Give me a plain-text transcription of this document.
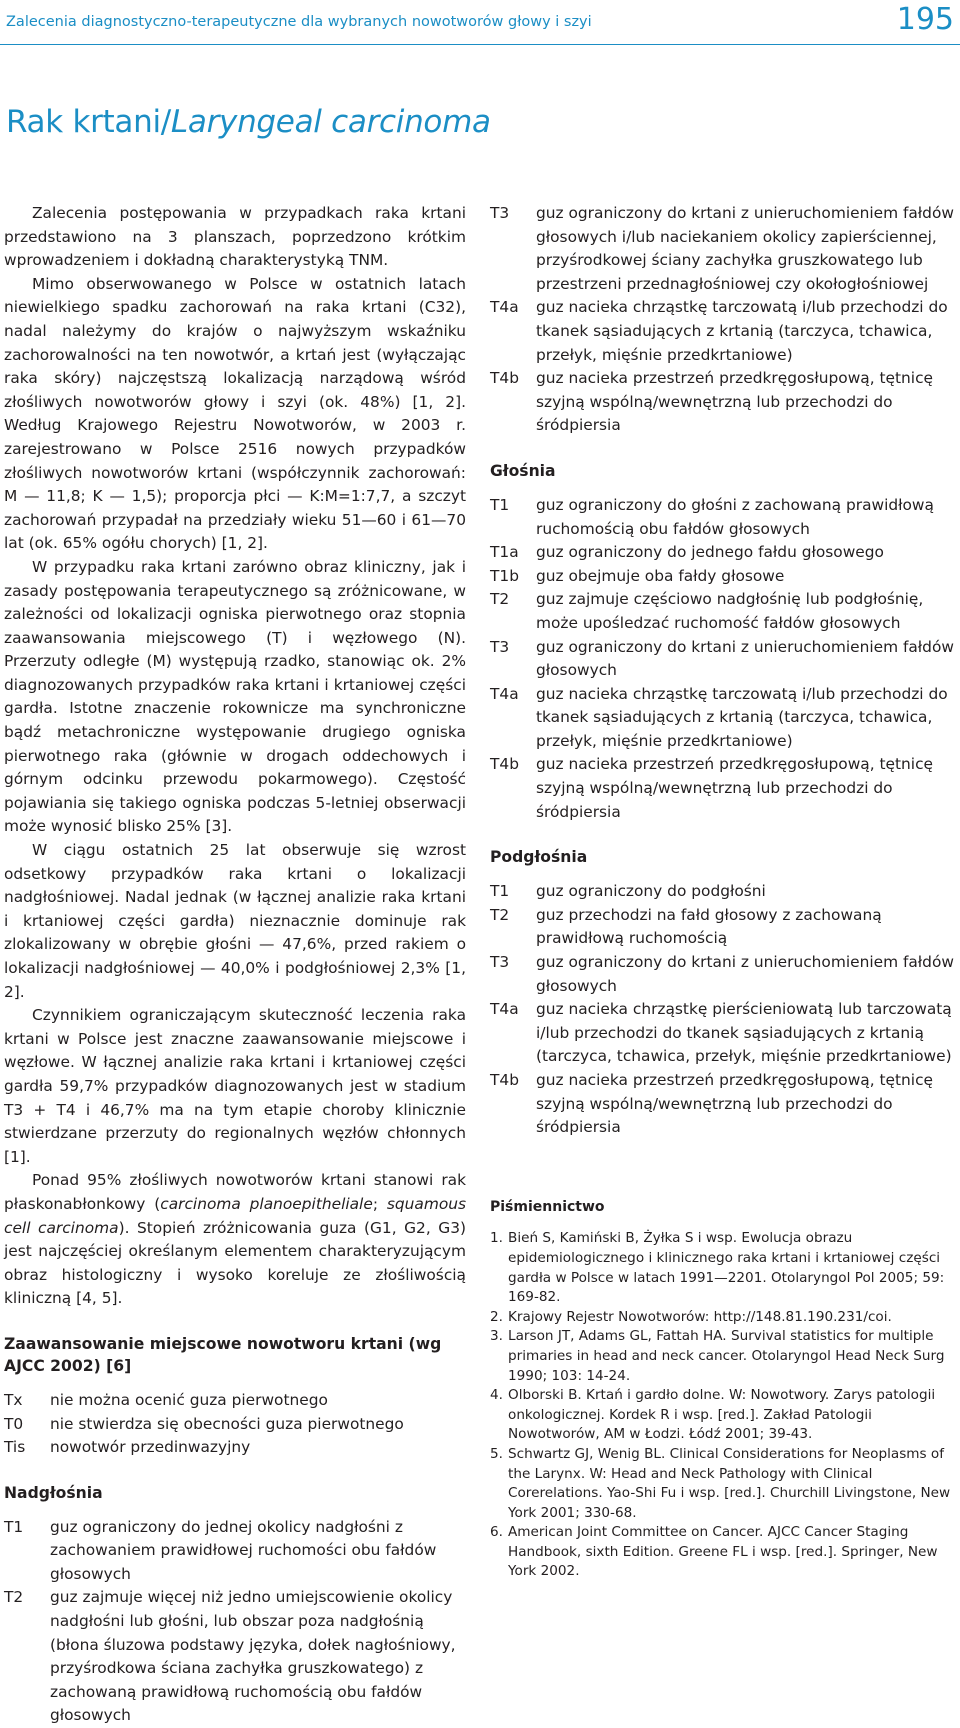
Zalecenia diagnostyczno-terapeutyczne dla wybranych nowotworów głowy i szyi	195
Rak krtani/Laryngeal carcinoma

Zalecenia postępowania w przypadkach raka krtani przedstawiono na 3 planszach, poprzedzono krótkim wprowadzeniem i dokładną charakterystyką TNM.

Mimo obserwowanego w Polsce w ostatnich latach niewielkiego spadku zachorowań na raka krtani (C32), nadal należymy do krajów o najwyższym wskaźniku zachorowalności na ten nowotwór, a krtań jest (wyłączając raka skóry) najczęstszą lokalizacją narządową wśród złośliwych nowotworów głowy i szyi (ok. 48%) [1, 2]. Według Krajowego Rejestru Nowotworów, w 2003 r. zarejestrowano w Polsce 2516 nowych przypadków złośliwych nowotworów krtani (współczynnik zachorowań: M — 11,8; K — 1,5); proporcja płci — K:M=1:7,7, a szczyt zachorowań przypadał na przedziały wieku 51—60 i 61—70 lat (ok. 65% ogółu chorych) [1, 2].

W przypadku raka krtani zarówno obraz kliniczny, jak i zasady postępowania terapeutycznego są zróżnicowane, w zależności od lokalizacji ogniska pierwotnego oraz stopnia zaawansowania miejscowego (T) i węzłowego (N). Przerzuty odległe (M) występują rzadko, stanowiąc ok. 2% diagnozowanych przypadków raka krtani i krtaniowej części gardła. Istotne znaczenie rokownicze ma synchroniczne bądź metachroniczne występowanie drugiego ogniska pierwotnego raka (głównie w drogach oddechowych i górnym odcinku przewodu pokarmowego). Częstość pojawiania się takiego ogniska podczas 5-letniej obserwacji może wynosić blisko 25% [3].

W ciągu ostatnich 25 lat obserwuje się wzrost odsetkowy przypadków raka krtani o lokalizacji nadgłośniowej. Nadal jednak (w łącznej analizie raka krtani i krtaniowej części gardła) nieznacznie dominuje rak zlokalizowany w obrębie głośni — 47,6%, przed rakiem o lokalizacji nadgłośniowej — 40,0% i podgłośniowej 2,3% [1, 2].

Czynnikiem ograniczającym skuteczność leczenia raka krtani w Polsce jest znaczne zaawansowanie miejscowe i węzłowe. W łącznej analizie raka krtani i krtaniowej części gardła 59,7% przypadków diagnozowanych jest w stadium T3 + T4 i 46,7% ma na tym etapie choroby klinicznie stwierdzane przerzuty do regionalnych węzłów chłonnych [1].

Ponad 95% złośliwych nowotworów krtani stanowi rak płaskonabłonkowy (carcinoma planoepitheliale; squamous cell carcinoma). Stopień zróżnicowania guza (G1, G2, G3) jest najczęściej określanym elementem charakteryzującym obraz histologiczny i wysoko koreluje ze złośliwością kliniczną [4, 5].

Zaawansowanie miejscowe nowotworu krtani (wg AJCC 2002) [6]
Tx	nie można ocenić guza pierwotnego
T0	nie stwierdza się obecności guza pierwotnego
Tis	nowotwór przedinwazyjny
Nadgłośnia
T1	guz ograniczony do jednej okolicy nadgłośni z zachowaniem prawidłowej ruchomości obu fałdów głosowych
T2	guz zajmuje więcej niż jedno umiejscowienie okolicy nadgłośni lub głośni, lub obszar poza nadgłośnią (błona śluzowa podstawy języka, dołek nagłośniowy, przyśrodkowa ściana zachyłka gruszkowatego) z zachowaną prawidłową ruchomością obu fałdów głosowych
T3	guz ograniczony do krtani z unieruchomieniem fałdów głosowych i/lub naciekaniem okolicy zapierściennej, przyśrodkowej ściany zachyłka gruszkowatego lub przestrzeni przednagłośniowej czy okołogłośniowej
T4a	guz nacieka chrząstkę tarczowatą i/lub przechodzi do tkanek sąsiadujących z krtanią (tarczyca, tchawica, przełyk, mięśnie przedkrtaniowe)
T4b	guz nacieka przestrzeń przedkręgosłupową, tętnicę szyjną wspólną/wewnętrzną lub przechodzi do śródpiersia
Głośnia
T1	guz ograniczony do głośni z zachowaną prawidłową ruchomością obu fałdów głosowych
T1a	guz ograniczony do jednego fałdu głosowego
T1b	guz obejmuje oba fałdy głosowe
T2	guz zajmuje częściowo nadgłośnię lub podgłośnię, może upośledzać ruchomość fałdów głosowych
T3	guz ograniczony do krtani z unieruchomieniem fałdów głosowych
T4a	guz nacieka chrząstkę tarczowatą i/lub przechodzi do tkanek sąsiadujących z krtanią (tarczyca, tchawica, przełyk, mięśnie przedkrtaniowe)
T4b	guz nacieka przestrzeń przedkręgosłupową, tętnicę szyjną wspólną/wewnętrzną lub przechodzi do śródpiersia
Podgłośnia
T1	guz ograniczony do podgłośni
T2	guz przechodzi na fałd głosowy z zachowaną prawidłową ruchomością
T3	guz ograniczony do krtani z unieruchomieniem fałdów głosowych
T4a	guz nacieka chrząstkę pierścieniowatą lub tarczowatą i/lub przechodzi do tkanek sąsiadujących z krtanią (tarczyca, tchawica, przełyk, mięśnie przedkrtaniowe)
T4b	guz nacieka przestrzeń przedkręgosłupową, tętnicę szyjną wspólną/wewnętrzną lub przechodzi do śródpiersia
Piśmiennictwo
1. Bień S, Kamiński B, Żyłka S i wsp. Ewolucja obrazu epidemiologicznego i klinicznego raka krtani i krtaniowej części gardła w Polsce w latach 1991—2201. Otolaryngol Pol 2005; 59: 169-82.
2. Krajowy Rejestr Nowotworów: http://148.81.190.231/coi.
3. Larson JT, Adams GL, Fattah HA. Survival statistics for multiple primaries in head and neck cancer. Otolaryngol Head Neck Surg 1990; 103: 14-24.
4. Olborski B. Krtań i gardło dolne. W: Nowotwory. Zarys patologii onkologicznej. Kordek R i wsp. [red.]. Zakład Patologii Nowotworów, AM w Łodzi. Łódź 2001; 39-43.
5. Schwartz GJ, Wenig BL. Clinical Considerations for Neoplasms of the Larynx. W: Head and Neck Pathology with Clinical Corerelations. Yao-Shi Fu i wsp. [red.]. Churchill Livingstone, New York 2001; 330-68.
6. American Joint Committee on Cancer. AJCC Cancer Staging Handbook, sixth Edition. Greene FL i wsp. [red.]. Springer, New York 2002.
